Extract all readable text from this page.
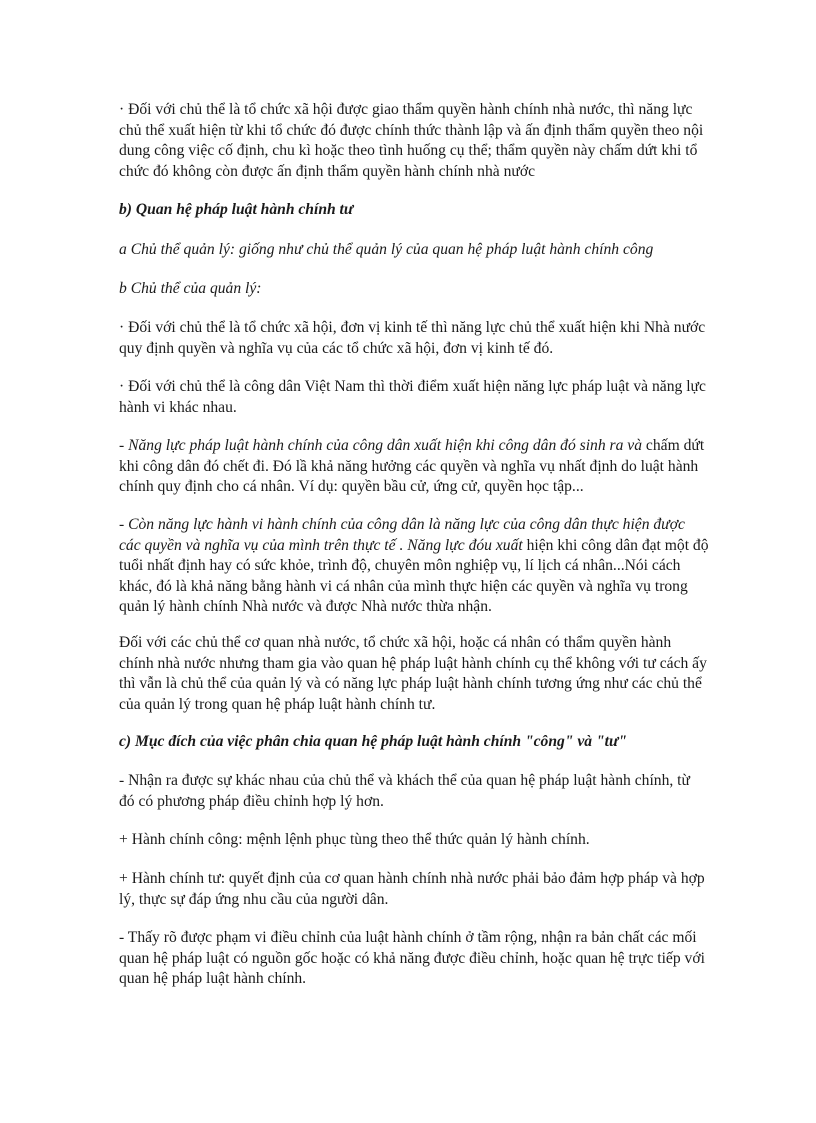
· Đối với chủ thể là tổ chức xã hội được giao thẩm quyền hành chính nhà nước, thì năng lực chủ thể xuất hiện từ khi tổ chức đó được chính thức thành lập và ấn định thẩm quyền theo nội dung công việc cố định, chu kì hoặc theo tình huống cụ thể; thẩm quyền này chấm dứt khi tổ chức đó không còn được ấn định thẩm quyền hành chính nhà nước

b) Quan hệ pháp luật hành chính tư

a Chủ thể quản lý: giống như chủ thể quản lý của quan hệ pháp luật hành chính công

b Chủ thể của quản lý:

· Đối với chủ thể là tổ chức xã hội, đơn vị kinh tế thì năng lực chủ thể xuất hiện khi Nhà nước quy định quyền và nghĩa vụ của các tổ chức xã hội, đơn vị kinh tế đó.

· Đối với chủ thể là công dân Việt Nam thì thời điểm xuất hiện năng lực pháp luật và năng lực hành vi khác nhau.

- Năng lực pháp luật hành chính của công dân xuất hiện khi công dân đó sinh ra và chấm dứt khi công dân đó chết đi. Đó lầ khả năng hưởng các quyền và nghĩa vụ nhất định do luật hành chính quy định cho cá nhân. Ví dụ: quyền bầu cử, ứng cử, quyền học tập...

- Còn năng lực hành vi hành chính của công dân là năng lực của công dân thực hiện được các quyền và nghĩa vụ của mình trên thực tế . Năng lực đóu xuất hiện khi công dân đạt một độ tuổi nhất định hay có sức khỏe, trình độ, chuyên môn nghiệp vụ, lí lịch cá nhân...Nói cách khác, đó là khả năng bằng hành vi cá nhân của mình thực hiện các quyền và nghĩa vụ trong quản lý hành chính Nhà nước và được Nhà nước thừa nhận.

Đối với các chủ thể cơ quan nhà nước, tổ chức xã hội, hoặc cá nhân có thẩm quyền hành chính nhà nước nhưng tham gia vào quan hệ pháp luật hành chính cụ thể không với tư cách ấy thì vẫn là chủ thể của quản lý và có năng lực pháp luật hành chính tương ứng như các chủ thể của quản lý trong quan hệ pháp luật hành chính tư.

c) Mục đích của việc phân chia quan hệ pháp luật hành chính "công" và "tư"

- Nhận ra được sự khác nhau của chủ thể và khách thể của quan hệ pháp luật hành chính, từ đó có phương pháp điều chỉnh hợp lý hơn.

+ Hành chính công: mệnh lệnh phục tùng theo thể thức quản lý hành chính.

+ Hành chính tư: quyết định của cơ quan hành chính nhà nước phải bảo đảm hợp pháp và hợp lý, thực sự đáp ứng nhu cầu của người dân.

- Thấy rõ được phạm vi điều chỉnh của luật hành chính ở tầm rộng, nhận ra bản chất các mối quan hệ pháp luật có nguồn gốc hoặc có khả năng được điều chỉnh, hoặc quan hệ trực tiếp với quan hệ pháp luật hành chính.
